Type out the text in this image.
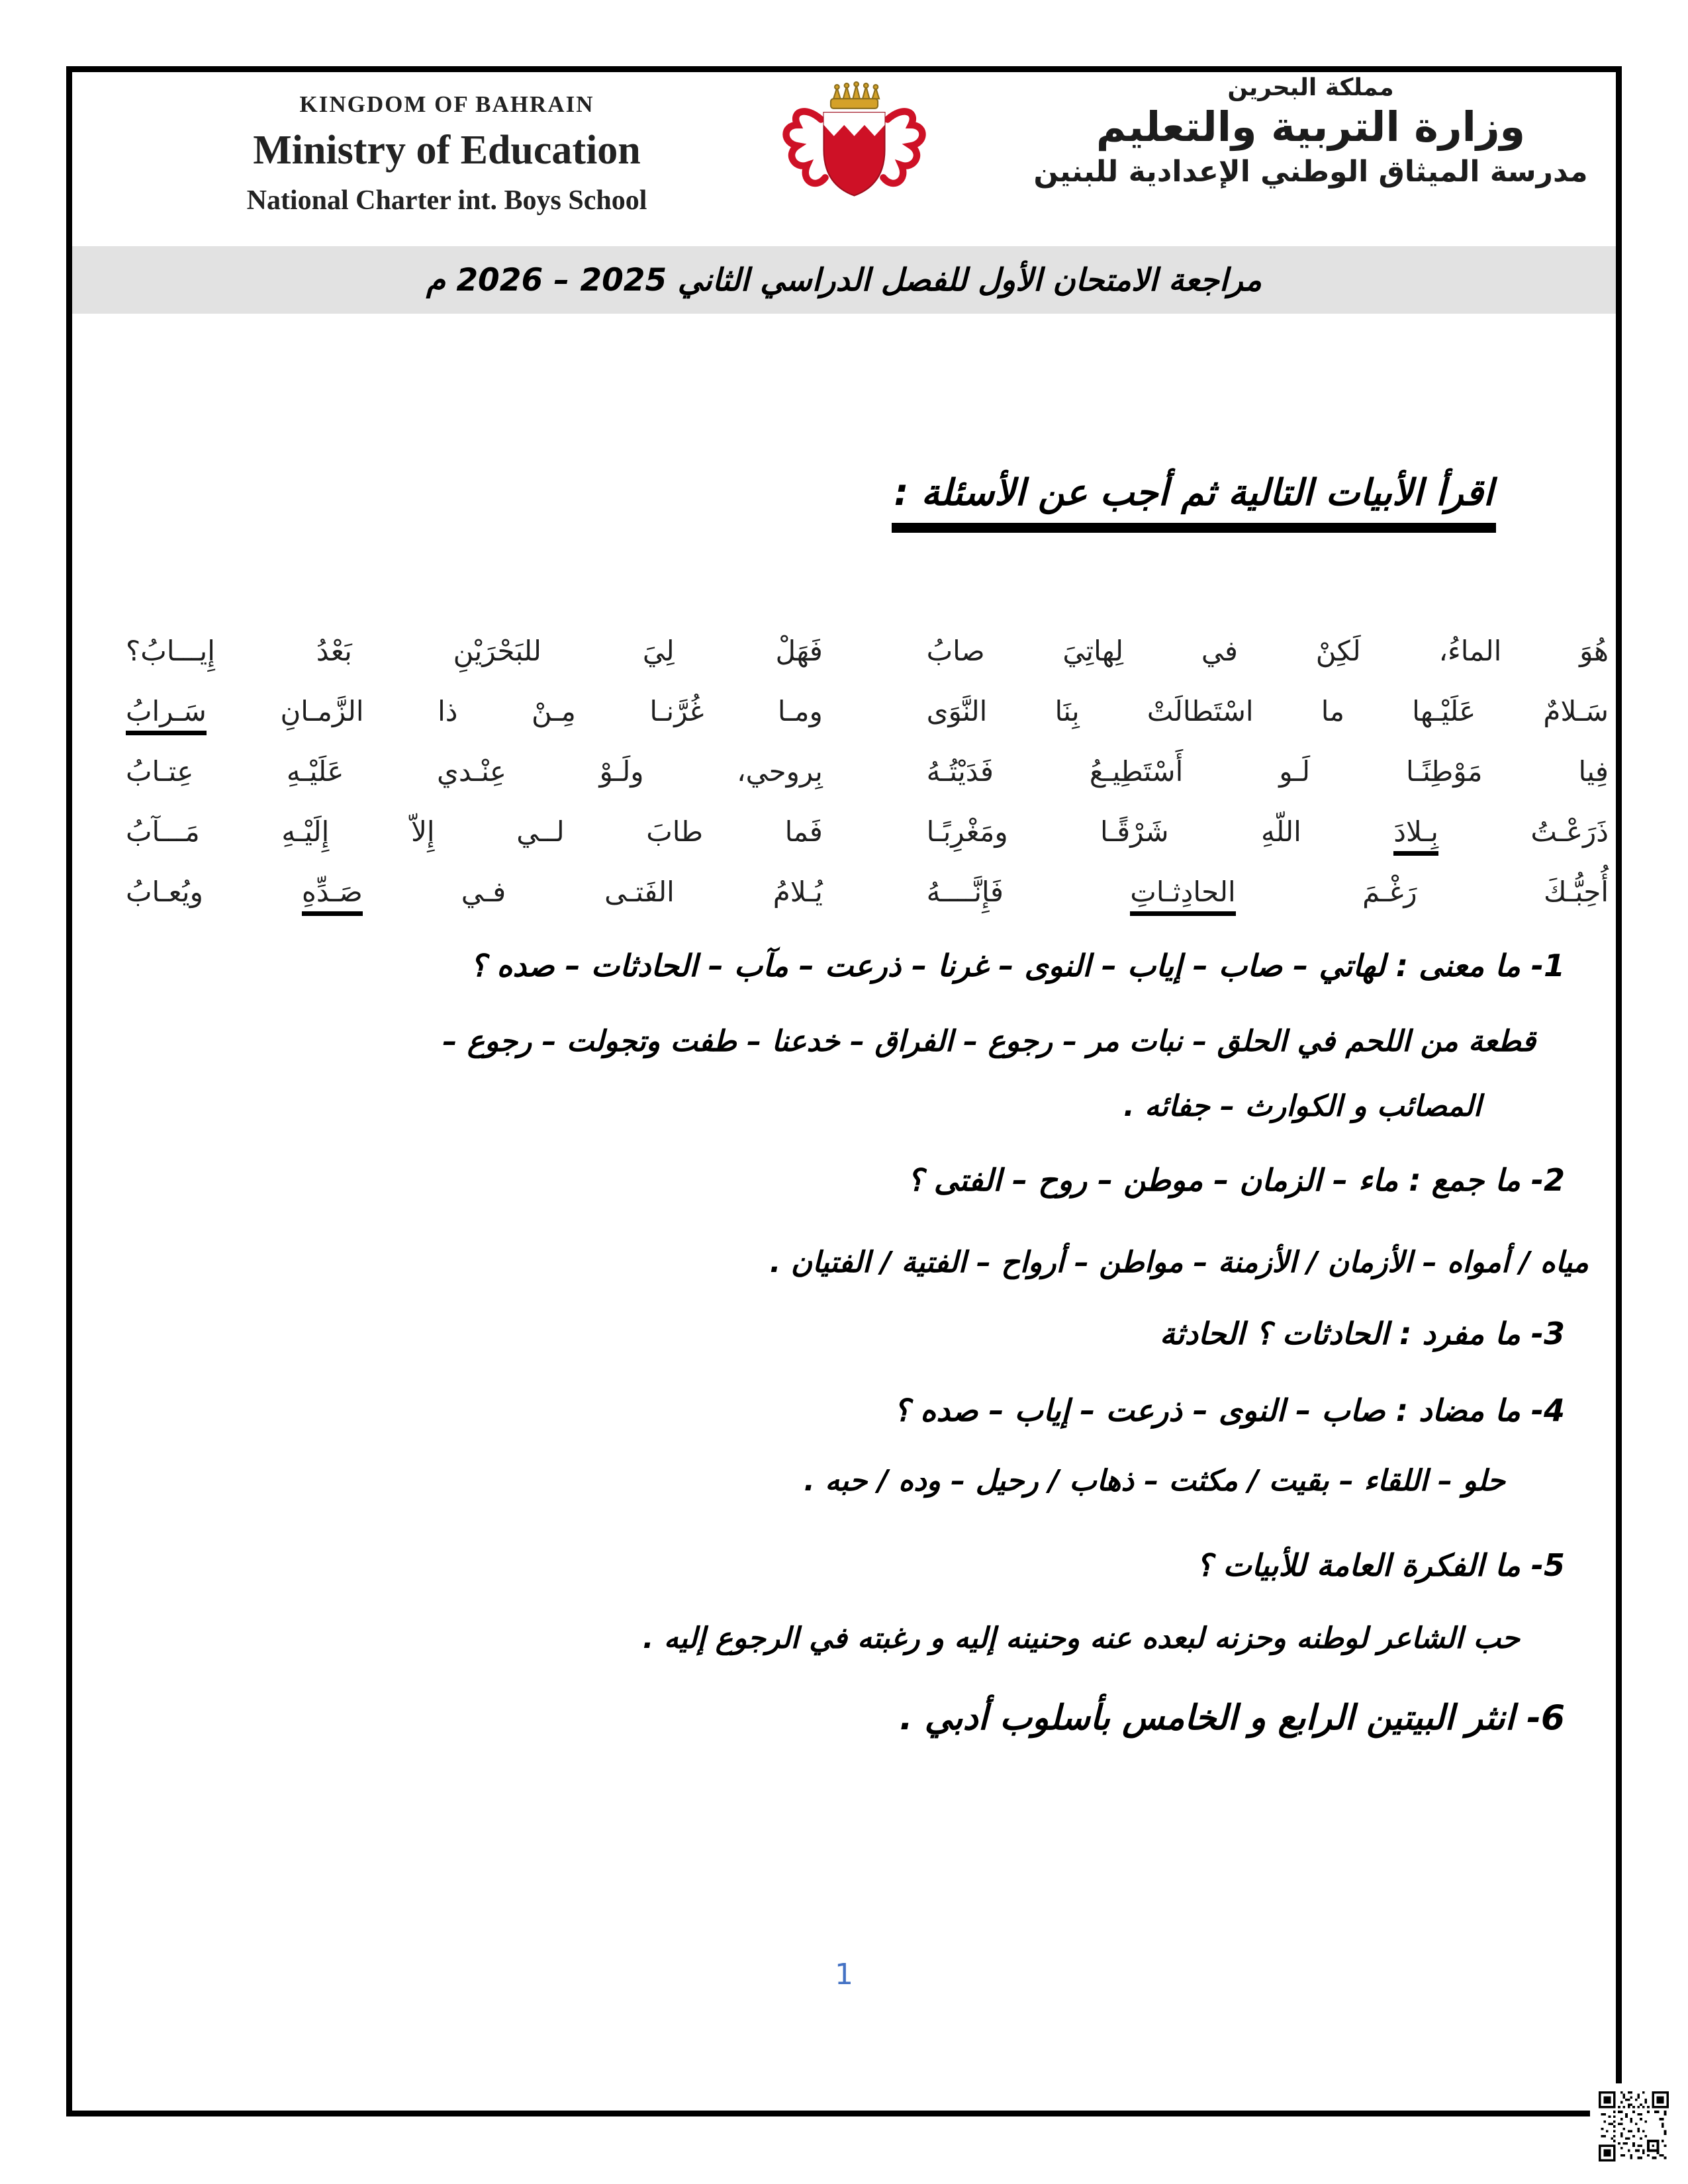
KINGDOM OF BAHRAIN
Ministry of Education
National Charter int. Boys School
مملكة البحرين
وزارة التربية والتعليم
مدرسة الميثاق الوطني الإعدادية للبنين
مراجعة الامتحان الأول للفصل الدراسي الثاني 2025 – 2026 م
اقرأ الأبيات التالية ثم أجب عن الأسئلة :
هُوَ الماءُ، لَكِنْ في لِهاتِيَ صابُ
فَهَلْ لِيَ للبَحْرَيْنِ بَعْدُ إِيـــابُ؟
سَـلامٌ عَلَيْـها ما اسْتَطالَتْ بِنَا النَّوَى
ومـا غُرَّنـا مِـنْ ذا الزَّمـانِ سَـرابُ
فِيا مَوْطِنًـا لَـو أَسْتَطِيـعُ فَدَيْتُـهُ
بِروحي، ولَـوْ عِنْـدي عَلَيْـهِ عِتـابُ
ذَرَعْـتُ بِـلادَ اللّهِ شَرْقًـا ومَغْرِبًـا
فَما طابَ لــي إِلاّ إِلَيْـهِ مَـــآبُ
أُحِبُّـكَ رَغْـمَ الحادِثـاتِ فَإِنَّــــهُ
يُـلامُ الفَتـى فـي صَـدِّهِ ويُعـابُ
1- ما معنى : لهاتي – صاب – إياب – النوى – غرنا – ذرعت – مآب – الحادثات – صده ؟
قطعة من اللحم في الحلق – نبات مر – رجوع – الفراق – خدعنا – طفت وتجولت – رجوع –
المصائب و الكوارث – جفائه .
2- ما جمع : ماء – الزمان – موطن – روح – الفتى ؟
مياه / أمواه – الأزمان / الأزمنة – مواطن – أرواح – الفتية / الفتيان .
3- ما مفرد : الحادثات ؟ الحادثة
4- ما مضاد : صاب – النوى – ذرعت – إياب – صده ؟
حلو – اللقاء – بقيت / مكثت – ذهاب / رحيل – وده / حبه .
5- ما الفكرة العامة للأبيات ؟
حب الشاعر لوطنه وحزنه لبعده عنه وحنينه إليه و رغبته في الرجوع إليه .
6- انثر البيتين الرابع و الخامس بأسلوب أدبي .
1
